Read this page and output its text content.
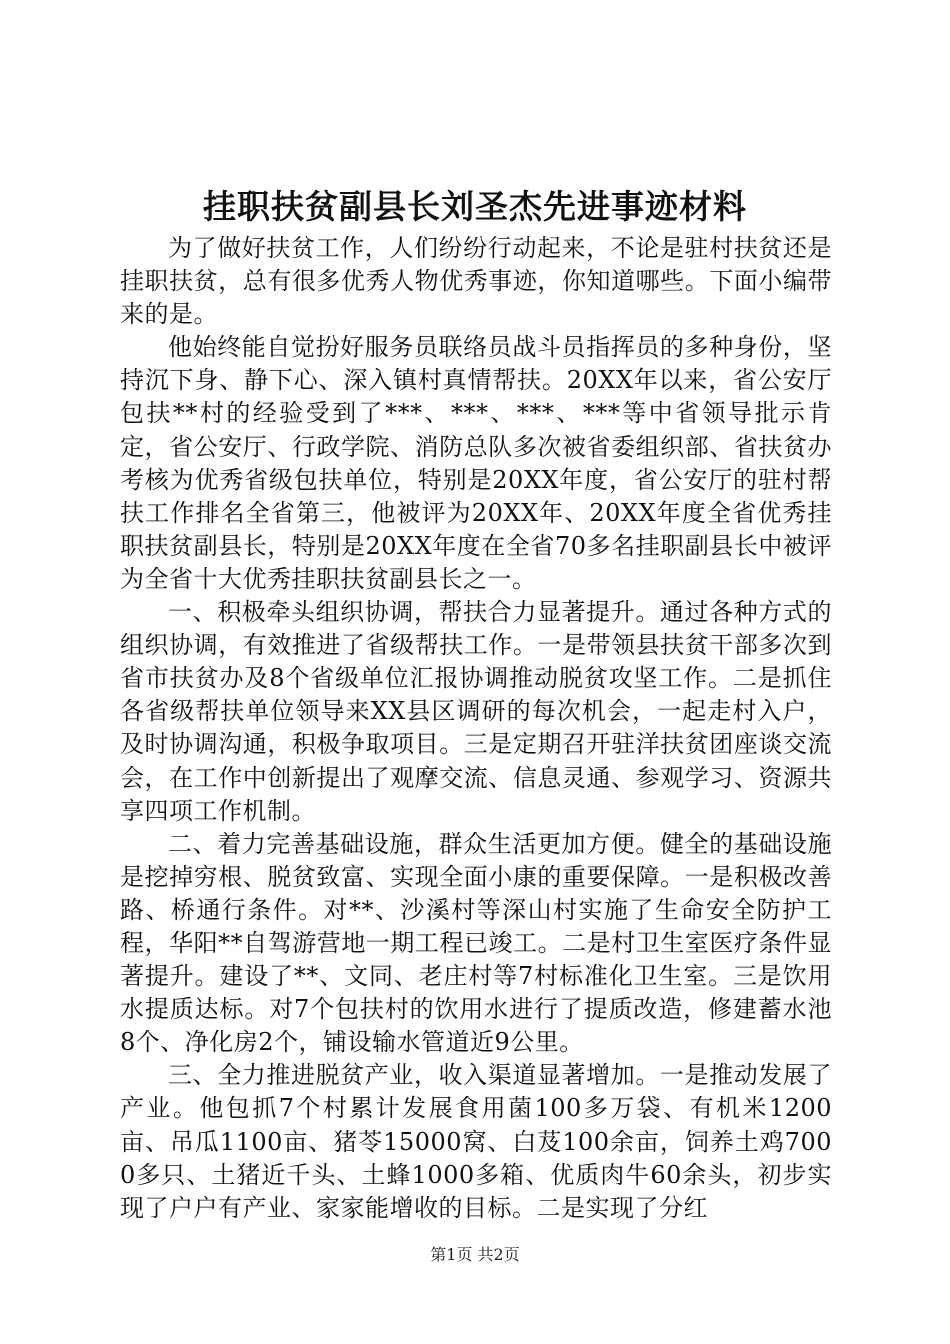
挂职扶贫副县长刘圣杰先进事迹材料

为了做好扶贫工作，人们纷纷行动起来，不论是驻村扶贫还是挂职扶贫，总有很多优秀人物优秀事迹，你知道哪些。下面小编带来的是。

他始终能自觉扮好服务员联络员战斗员指挥员的多种身份，坚持沉下身、静下心、深入镇村真情帮扶。20XX年以来，省公安厅包扶**村的经验受到了***、***、***、***等中省领导批示肯定，省公安厅、行政学院、消防总队多次被省委组织部、省扶贫办考核为优秀省级包扶单位，特别是20XX年度，省公安厅的驻村帮扶工作排名全省第三，他被评为20XX年、20XX年度全省优秀挂职扶贫副县长，特别是20XX年度在全省70多名挂职副县长中被评为全省十大优秀挂职扶贫副县长之一。

一、积极牵头组织协调，帮扶合力显著提升。通过各种方式的组织协调，有效推进了省级帮扶工作。一是带领县扶贫干部多次到省市扶贫办及8个省级单位汇报协调推动脱贫攻坚工作。二是抓住各省级帮扶单位领导来XX县区调研的每次机会，一起走村入户，及时协调沟通，积极争取项目。三是定期召开驻洋扶贫团座谈交流会，在工作中创新提出了观摩交流、信息灵通、参观学习、资源共享四项工作机制。

二、着力完善基础设施，群众生活更加方便。健全的基础设施是挖掉穷根、脱贫致富、实现全面小康的重要保障。一是积极改善路、桥通行条件。对**、沙溪村等深山村实施了生命安全防护工程，华阳**自驾游营地一期工程已竣工。二是村卫生室医疗条件显著提升。建设了**、文同、老庄村等7村标准化卫生室。三是饮用水提质达标。对7个包扶村的饮用水进行了提质改造，修建蓄水池8个、净化房2个，铺设输水管道近9公里。

三、全力推进脱贫产业，收入渠道显著增加。一是推动发展了产业。他包抓7个村累计发展食用菌100多万袋、有机米1200亩、吊瓜1100亩、猪苓15000窝、白芨100余亩，饲养土鸡7000多只、土猪近千头、土蜂1000多箱、优质肉牛60余头，初步实现了户户有产业、家家能增收的目标。二是实现了分红

第1页 共2页
